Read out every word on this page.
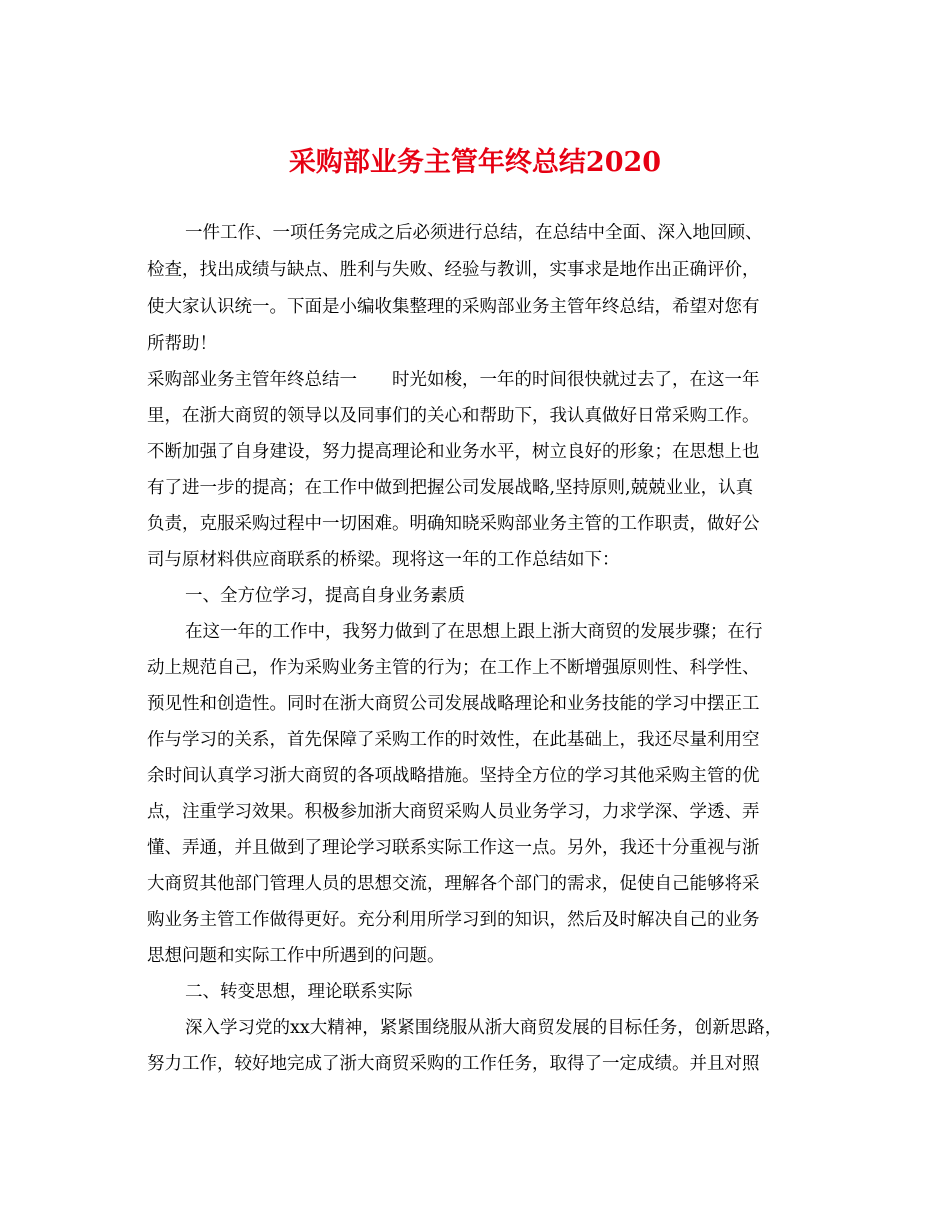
采购部业务主管年终总结2020

一件工作、一项任务完成之后必须进行总结，在总结中全面、深入地回顾、

检查，找出成绩与缺点、胜利与失败、经验与教训，实事求是地作出正确评价，

使大家认识统一。下面是小编收集整理的采购部业务主管年终总结，希望对您有

所帮助！

采购部业务主管年终总结一　　时光如梭，一年的时间很快就过去了，在这一年

里，在浙大商贸的领导以及同事们的关心和帮助下，我认真做好日常采购工作。

不断加强了自身建设，努力提高理论和业务水平，树立良好的形象；在思想上也

有了进一步的提高；在工作中做到把握公司发展战略,坚持原则,兢兢业业，认真

负责，克服采购过程中一切困难。明确知晓采购部业务主管的工作职责，做好公

司与原材料供应商联系的桥梁。现将这一年的工作总结如下：

一、全方位学习，提高自身业务素质

在这一年的工作中，我努力做到了在思想上跟上浙大商贸的发展步骤；在行

动上规范自己，作为采购业务主管的行为；在工作上不断增强原则性、科学性、

预见性和创造性。同时在浙大商贸公司发展战略理论和业务技能的学习中摆正工

作与学习的关系，首先保障了采购工作的时效性，在此基础上，我还尽量利用空

余时间认真学习浙大商贸的各项战略措施。坚持全方位的学习其他采购主管的优

点，注重学习效果。积极参加浙大商贸采购人员业务学习，力求学深、学透、弄

懂、弄通，并且做到了理论学习联系实际工作这一点。另外，我还十分重视与浙

大商贸其他部门管理人员的思想交流，理解各个部门的需求，促使自己能够将采

购业务主管工作做得更好。充分利用所学习到的知识，然后及时解决自己的业务

思想问题和实际工作中所遇到的问题。

二、转变思想，理论联系实际

深入学习党的xx大精神，紧紧围绕服从浙大商贸发展的目标任务，创新思路，

努力工作，较好地完成了浙大商贸采购的工作任务，取得了一定成绩。并且对照
